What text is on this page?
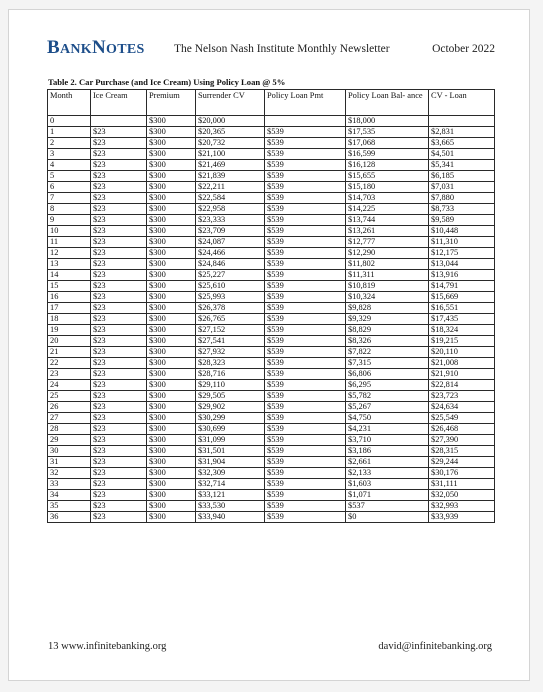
BANKNOTES	The Nelson Nash Institute Monthly Newsletter	October 2022
Table 2. Car Purchase (and Ice Cream) Using Policy Loan @ 5%
Month	Ice Cream	Premium	Surrender CV	Policy Loan Pmt	Policy Loan Bal- ance	CV - Loan
0		$300	$20,000		$18,000	
1	$23	$300	$20,365	$539	$17,535	$2,831
2	$23	$300	$20,732	$539	$17,068	$3,665
3	$23	$300	$21,100	$539	$16,599	$4,501
4	$23	$300	$21,469	$539	$16,128	$5,341
5	$23	$300	$21,839	$539	$15,655	$6,185
6	$23	$300	$22,211	$539	$15,180	$7,031
7	$23	$300	$22,584	$539	$14,703	$7,880
8	$23	$300	$22,958	$539	$14,225	$8,733
9	$23	$300	$23,333	$539	$13,744	$9,589
10	$23	$300	$23,709	$539	$13,261	$10,448
11	$23	$300	$24,087	$539	$12,777	$11,310
12	$23	$300	$24,466	$539	$12,290	$12,175
13	$23	$300	$24,846	$539	$11,802	$13,044
14	$23	$300	$25,227	$539	$11,311	$13,916
15	$23	$300	$25,610	$539	$10,819	$14,791
16	$23	$300	$25,993	$539	$10,324	$15,669
17	$23	$300	$26,378	$539	$9,828	$16,551
18	$23	$300	$26,765	$539	$9,329	$17,435
19	$23	$300	$27,152	$539	$8,829	$18,324
20	$23	$300	$27,541	$539	$8,326	$19,215
21	$23	$300	$27,932	$539	$7,822	$20,110
22	$23	$300	$28,323	$539	$7,315	$21,008
23	$23	$300	$28,716	$539	$6,806	$21,910
24	$23	$300	$29,110	$539	$6,295	$22,814
25	$23	$300	$29,505	$539	$5,782	$23,723
26	$23	$300	$29,902	$539	$5,267	$24,634
27	$23	$300	$30,299	$539	$4,750	$25,549
28	$23	$300	$30,699	$539	$4,231	$26,468
29	$23	$300	$31,099	$539	$3,710	$27,390
30	$23	$300	$31,501	$539	$3,186	$28,315
31	$23	$300	$31,904	$539	$2,661	$29,244
32	$23	$300	$32,309	$539	$2,133	$30,176
33	$23	$300	$32,714	$539	$1,603	$31,111
34	$23	$300	$33,121	$539	$1,071	$32,050
35	$23	$300	$33,530	$539	$537	$32,993
36	$23	$300	$33,940	$539	$0	$33,939
13 www.infinitebanking.org	david@infinitebanking.org
